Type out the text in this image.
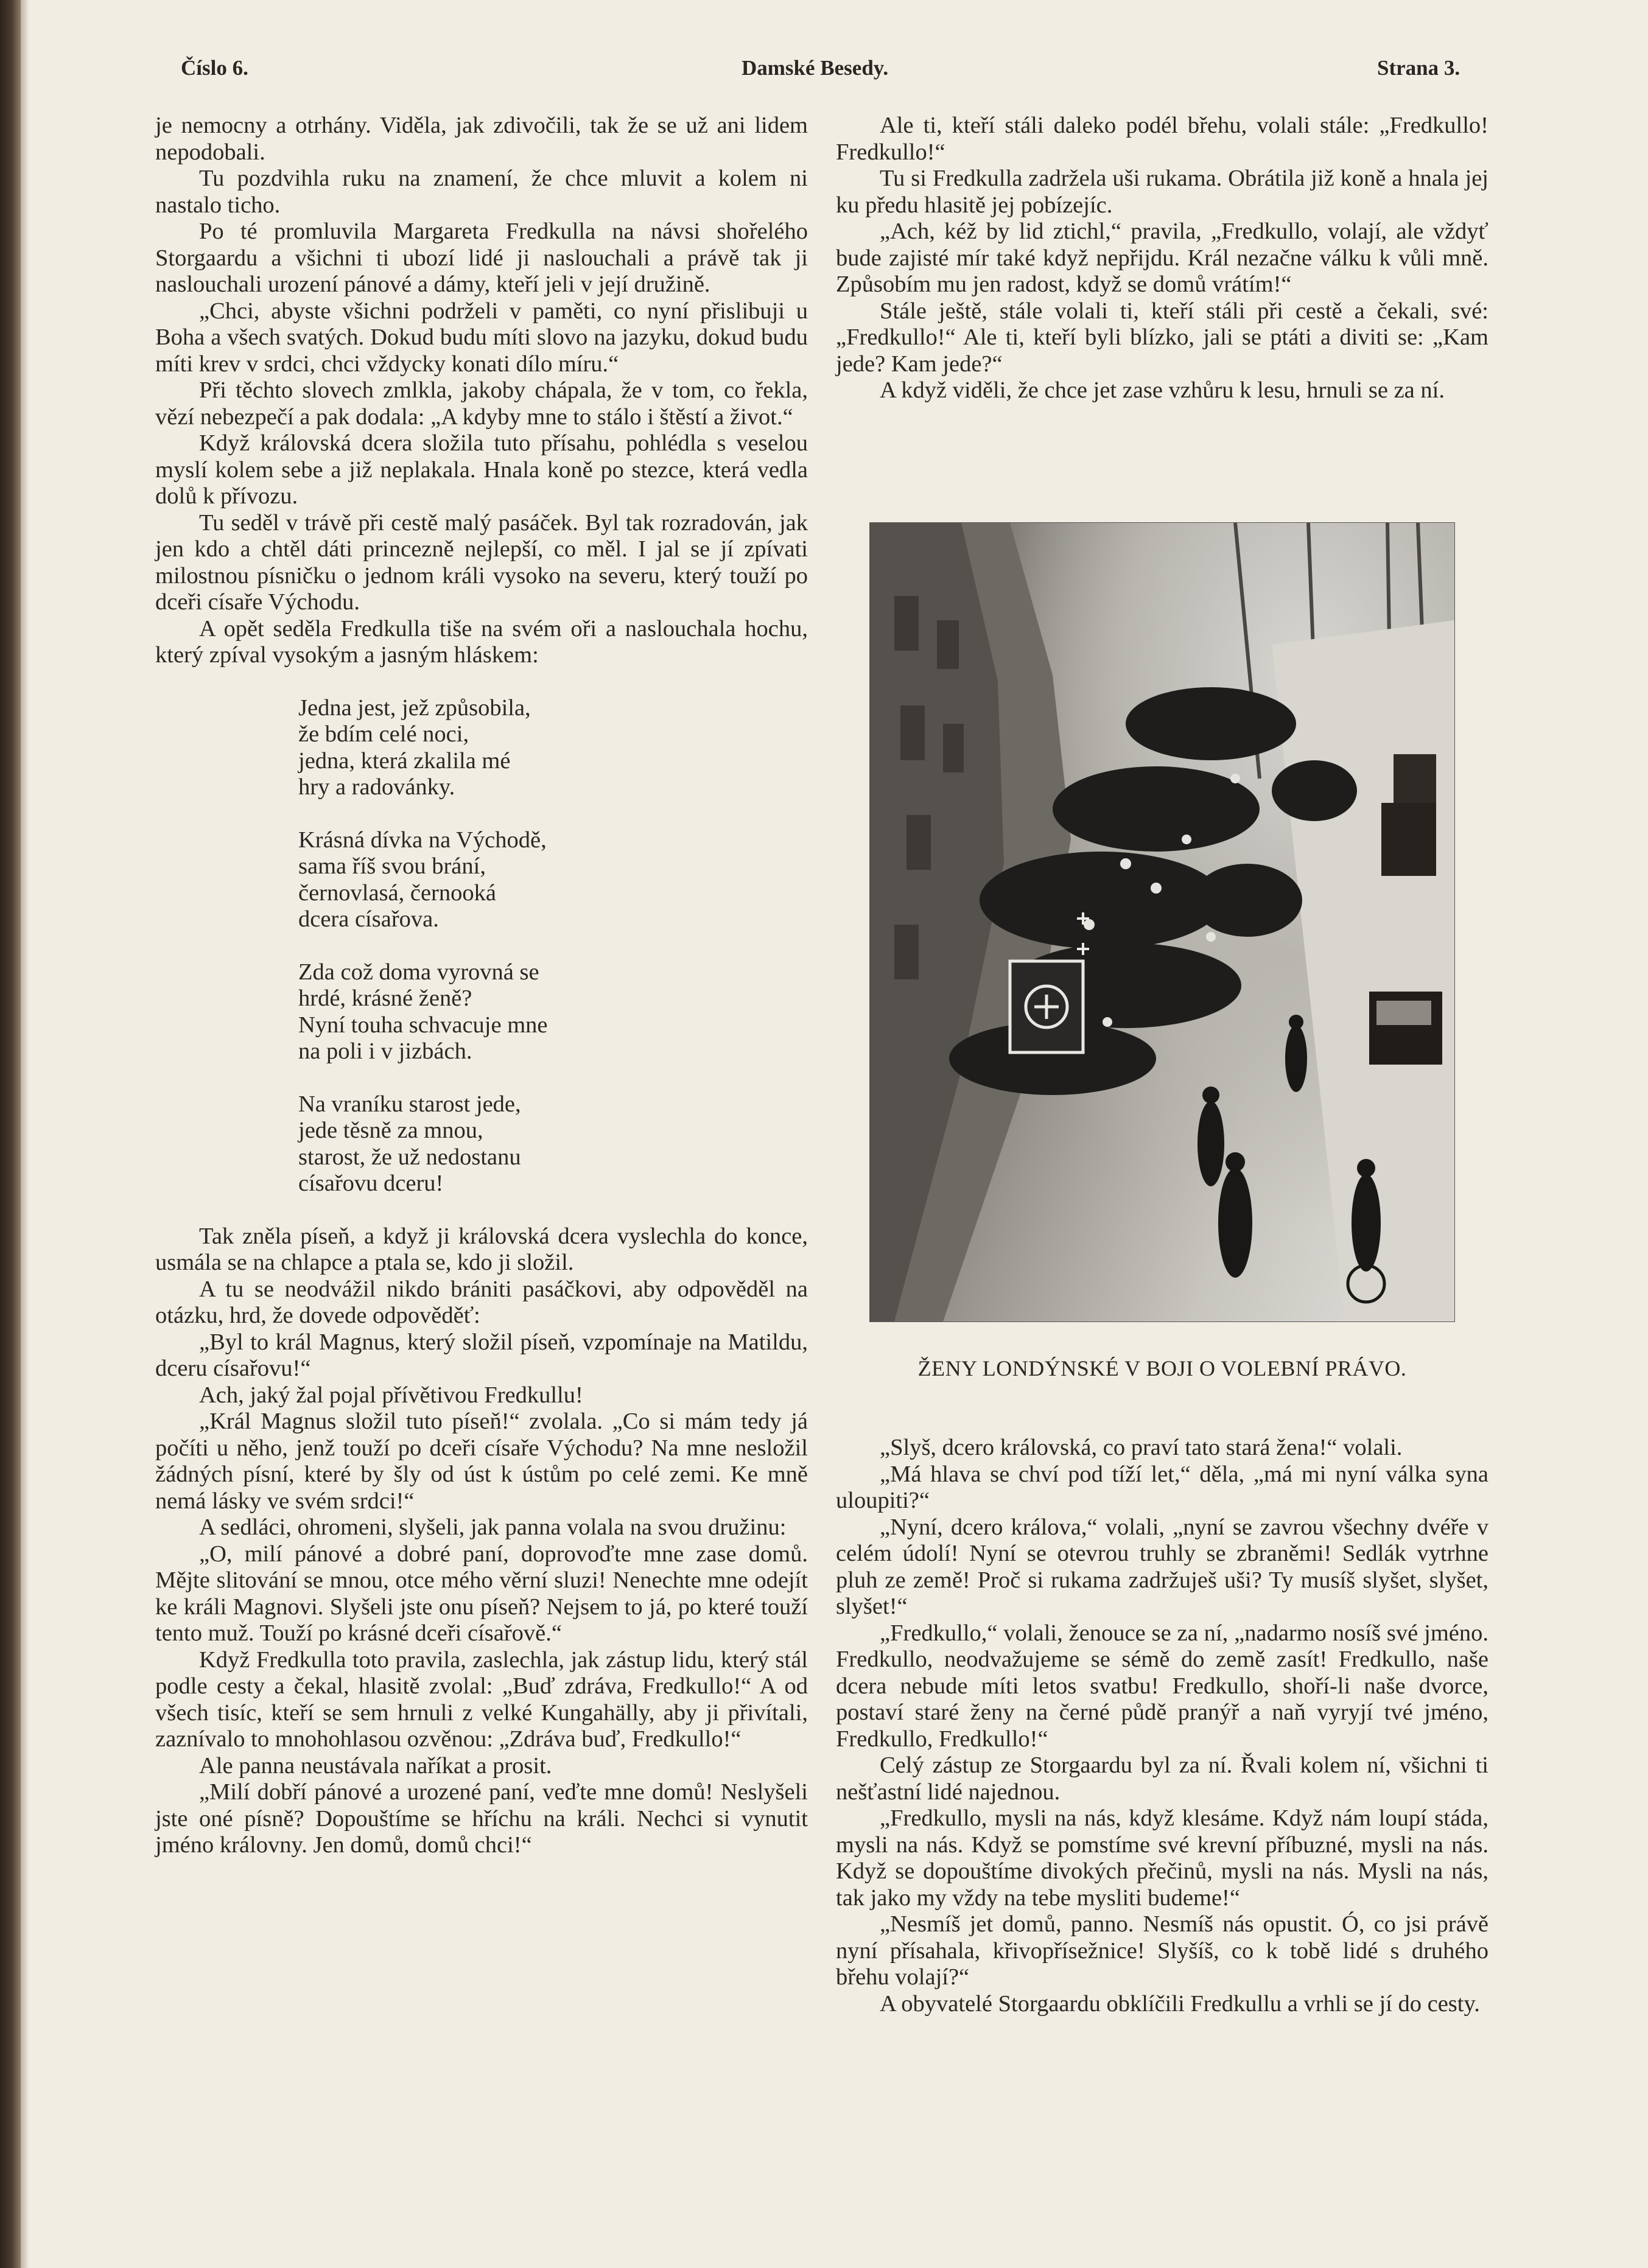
Číslo 6.	Damské Besedy.	Strana 3.

je nemocny a otrhány. Viděla, jak zdivočili, tak že se už ani lidem nepodobali.

Tu pozdvihla ruku na znamení, že chce mluvit a kolem ni nastalo ticho.

Po té promluvila Margareta Fredkulla na návsi shořelého Storgaardu a všichni ti ubozí lidé ji naslouchali a právě tak ji naslouchali urození pánové a dámy, kteří jeli v její družině.

„Chci, abyste všichni podrželi v paměti, co nyní přislibuji u Boha a všech svatých. Dokud budu míti slovo na jazyku, dokud budu míti krev v srdci, chci vždycky konati dílo míru.“

Při těchto slovech zmlkla, jakoby chápala, že v tom, co řekla, vězí nebezpečí a pak dodala: „A kdyby mne to stálo i štěstí a život.“

Když královská dcera složila tuto přísahu, pohlédla s veselou myslí kolem sebe a již neplakala. Hnala koně po stezce, která vedla dolů k přívozu.

Tu seděl v trávě při cestě malý pasáček. Byl tak rozradován, jak jen kdo a chtěl dáti princezně nejlepší, co měl. I jal se jí zpívati milostnou písničku o jednom králi vysoko na severu, který touží po dceři císaře Východu.

A opět seděla Fredkulla tiše na svém oři a naslouchala hochu, který zpíval vysokým a jasným hláskem:

Jedna jest, jež způsobila,
že bdím celé noci,
jedna, která zkalila mé
hry a radovánky.
Krásná dívka na Východě,
sama říš svou brání,
černovlasá, černooká
dcera císařova.
Zda což doma vyrovná se
hrdé, krásné ženě?
Nyní touha schvacuje mne
na poli i v jizbách.
Na vraníku starost jede,
jede těsně za mnou,
starost, že už nedostanu
císařovu dceru!

Tak zněla píseň, a když ji královská dcera vyslechla do konce, usmála se na chlapce a ptala se, kdo ji složil.

A tu se neodvážil nikdo brániti pasáčkovi, aby odpověděl na otázku, hrd, že dovede odpověděť:

„Byl to král Magnus, který složil píseň, vzpomínaje na Matildu, dceru císařovu!“

Ach, jaký žal pojal přívětivou Fredkullu!

„Král Magnus složil tuto píseň!“ zvolala. „Co si mám tedy já počíti u něho, jenž touží po dceři císaře Východu? Na mne nesložil žádných písní, které by šly od úst k ústům po celé zemi. Ke mně nemá lásky ve svém srdci!“

A sedláci, ohromeni, slyšeli, jak panna volala na svou družinu:

„O, milí pánové a dobré paní, doprovoďte mne zase domů. Mějte slitování se mnou, otce mého věrní sluzi! Nenechte mne odejít ke králi Magnovi. Slyšeli jste onu píseň? Nejsem to já, po které touží tento muž. Touží po krásné dceři císařově.“

Když Fredkulla toto pravila, zaslechla, jak zástup lidu, který stál podle cesty a čekal, hlasitě zvolal: „Buď zdráva, Fredkullo!“ A od všech tisíc, kteří se sem hrnuli z velké Kungahälly, aby ji přivítali, zaznívalo to mnohohlasou ozvěnou: „Zdráva buď, Fredkullo!“

Ale panna neustávala naříkat a prosit.

„Milí dobří pánové a urozené paní, veďte mne domů! Neslyšeli jste oné písně? Dopouštíme se hříchu na králi. Nechci si vynutit jméno královny. Jen domů, domů chci!“

Ale ti, kteří stáli daleko podél břehu, volali stále: „Fredkullo! Fredkullo!“

Tu si Fredkulla zadržela uši rukama. Obrátila již koně a hnala jej ku předu hlasitě jej pobízejíc.

„Ach, kéž by lid ztichl,“ pravila, „Fredkullo, volají, ale vždyť bude zajisté mír také když nepřijdu. Král nezačne válku k vůli mně. Způsobím mu jen radost, když se domů vrátím!“

Stále ještě, stále volali ti, kteří stáli při cestě a čekali, své: „Fredkullo!“ Ale ti, kteří byli blízko, jali se ptáti a diviti se: „Kam jede? Kam jede?“

A když viděli, že chce jet zase vzhůru k lesu, hrnuli se za ní.

ŽENY LONDÝNSKÉ V BOJI O VOLEBNÍ PRÁVO.

„Slyš, dcero královská, co praví tato stará žena!“ volali.

„Má hlava se chví pod tíží let,“ děla, „má mi nyní válka syna uloupiti?“

„Nyní, dcero králova,“ volali, „nyní se zavrou všechny dvéře v celém údolí! Nyní se otevrou truhly se zbraněmi! Sedlák vytrhne pluh ze země! Proč si rukama zadržuješ uši? Ty musíš slyšet, slyšet, slyšet!“

„Fredkullo,“ volali, ženouce se za ní, „nadarmo nosíš své jméno. Fredkullo, neodvažujeme se sémě do země zasít! Fredkullo, naše dcera nebude míti letos svatbu! Fredkullo, shoří-li naše dvorce, postaví staré ženy na černé půdě pranýř a naň vyryjí tvé jméno, Fredkullo, Fredkullo!“

Celý zástup ze Storgaardu byl za ní. Řvali kolem ní, všichni ti nešťastní lidé najednou.

„Fredkullo, mysli na nás, když klesáme. Když nám loupí stáda, mysli na nás. Když se pomstíme své krevní příbuzné, mysli na nás. Když se dopouštíme divokých přečinů, mysli na nás. Mysli na nás, tak jako my vždy na tebe mysliti budeme!“

„Nesmíš jet domů, panno. Nesmíš nás opustit. Ó, co jsi právě nyní přísahala, křivopřísežnice! Slyšíš, co k tobě lidé s druhého břehu volají?“

A obyvatelé Storgaardu obklíčili Fredkullu a vrhli se jí do cesty.
